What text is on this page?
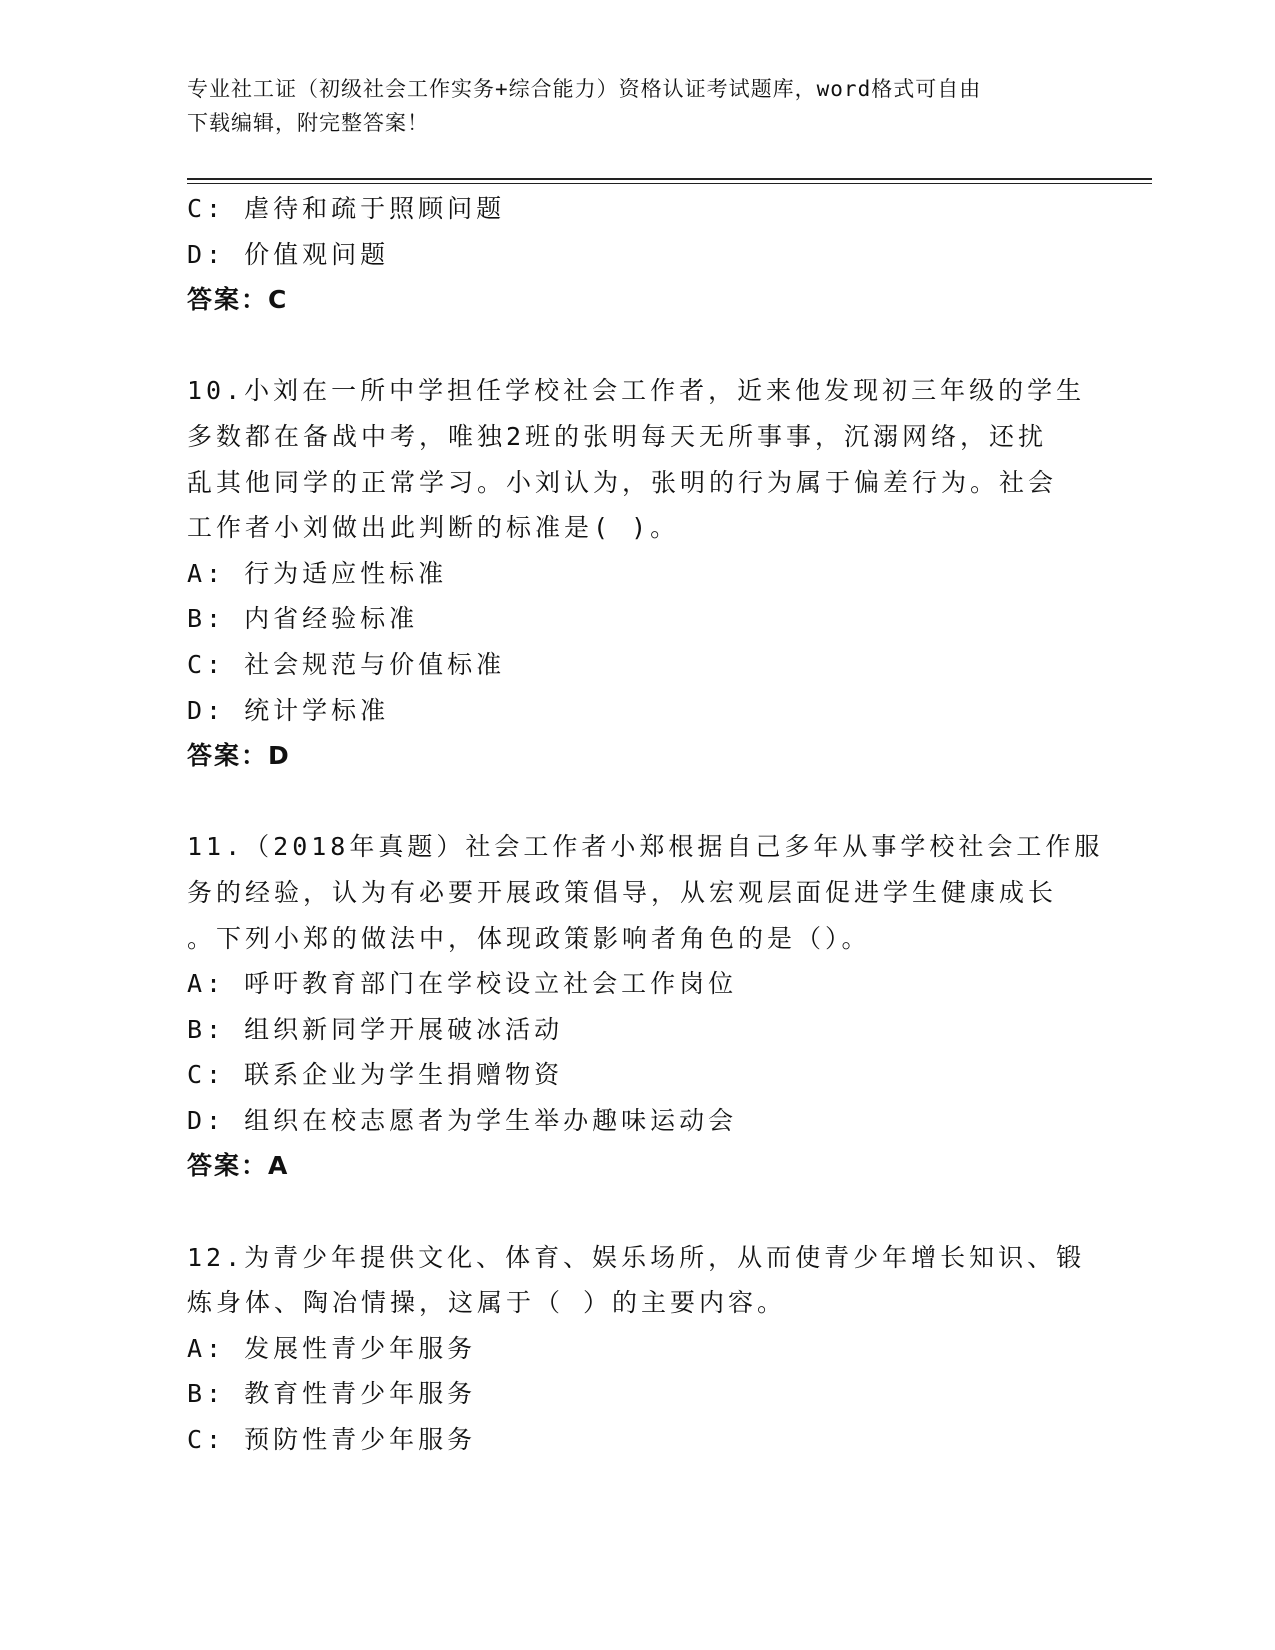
专业社工证（初级社会工作实务+综合能力）资格认证考试题库，word格式可自由
下载编辑，附完整答案！
C: 虐待和疏于照顾问题
D: 价值观问题
答案：C
10.小刘在一所中学担任学校社会工作者，近来他发现初三年级的学生
多数都在备战中考，唯独2班的张明每天无所事事，沉溺网络，还扰
乱其他同学的正常学习。小刘认为，张明的行为属于偏差行为。社会
工作者小刘做出此判断的标准是( )。
A: 行为适应性标准
B: 内省经验标准
C: 社会规范与价值标准
D: 统计学标准
答案：D
11.（2018年真题）社会工作者小郑根据自己多年从事学校社会工作服
务的经验，认为有必要开展政策倡导，从宏观层面促进学生健康成长
。下列小郑的做法中，体现政策影响者角色的是（）。
A: 呼吁教育部门在学校设立社会工作岗位
B: 组织新同学开展破冰活动
C: 联系企业为学生捐赠物资
D: 组织在校志愿者为学生举办趣味运动会
答案：A
12.为青少年提供文化、体育、娱乐场所，从而使青少年增长知识、锻
炼身体、陶冶情操，这属于（ ）的主要内容。
A: 发展性青少年服务
B: 教育性青少年服务
C: 预防性青少年服务
